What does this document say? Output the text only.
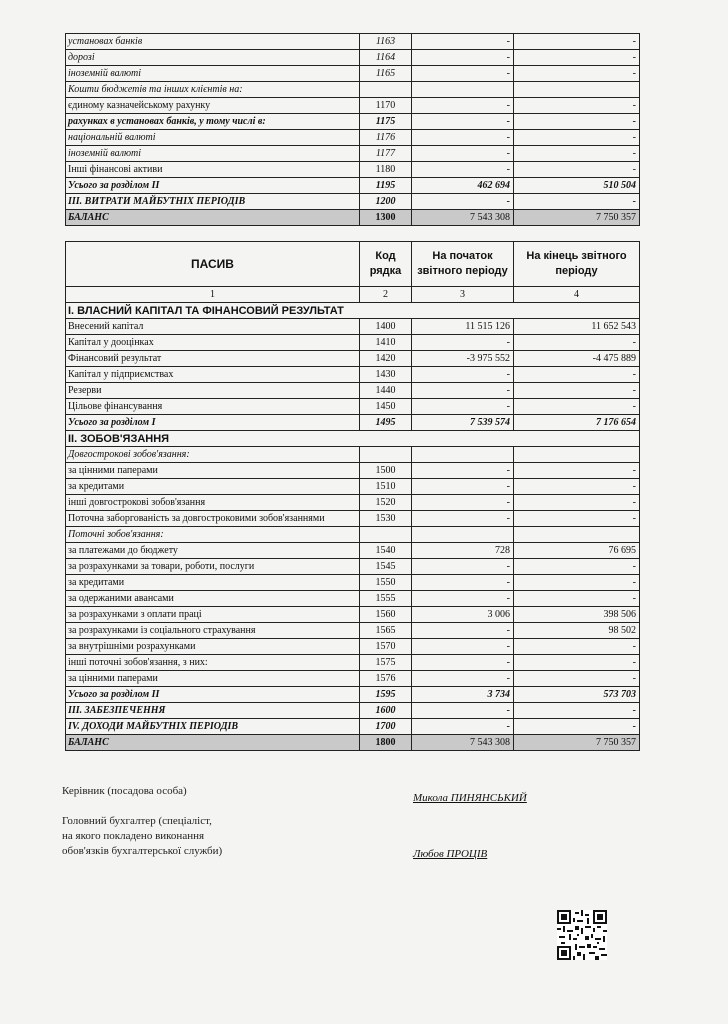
установах банків	1163	-	-
дорозі	1164	-	-
іноземній валюті	1165	-	-
Кошти бюджетів та інших клієнтів на:			
єдиному казначейському рахунку	1170	-	-
рахунках в установах банків, у тому числі в:	1175	-	-
національній валюті	1176	-	-
іноземній валюті	1177	-	-
Інші фінансові активи	1180	-	-
Усього за розділом II	1195	462 694	510 504
III. ВИТРАТИ МАЙБУТНІХ ПЕРІОДІВ	1200	-	-
БАЛАНС	1300	7 543 308	7 750 357
ПАСИВ	Код рядка	На початок звітного періоду	На кінець звітного періоду
1	2	3	4
I. ВЛАСНИЙ КАПІТАЛ ТА ФІНАНСОВИЙ РЕЗУЛЬТАТ			
Внесений капітал	1400	11 515 126	11 652 543
Капітал у дооцінках	1410	-	-
Фінансовий результат	1420	-3 975 552	-4 475 889
Капітал у підприємствах	1430	-	-
Резерви	1440	-	-
Цільове фінансування	1450	-	-
Усього за розділом I	1495	7 539 574	7 176 654
II. ЗОБОВ'ЯЗАННЯ			
Довгострокові зобов'язання:			
за цінними паперами	1500	-	-
за кредитами	1510	-	-
інші довгострокові зобов'язання	1520	-	-
Поточна заборгованість за довгостроковими зобов'язаннями	1530	-	-
Поточні зобов'язання:			
за платежами до бюджету	1540	728	76 695
за розрахунками за товари, роботи, послуги	1545	-	-
за кредитами	1550	-	-
за одержаними авансами	1555	-	-
за розрахунками з оплати праці	1560	3 006	398 506
за розрахунками із соціального страхування	1565	-	98 502
за внутрішніми розрахунками	1570	-	-
інші поточні зобов'язання, з них:	1575	-	-
за цінними паперами	1576	-	-
Усього за розділом II	1595	3 734	573 703
III. ЗАБЕЗПЕЧЕННЯ	1600	-	-
IV. ДОХОДИ МАЙБУТНІХ ПЕРІОДІВ	1700	-	-
БАЛАНС	1800	7 543 308	7 750 357
Керівник (посадова особа)
Микола ПИНЯНСЬКИЙ
Головний бухгалтер (спеціаліст,
на якого покладено виконання
обов'язків бухгалтерської служби)	Любов ПРОЦІВ
